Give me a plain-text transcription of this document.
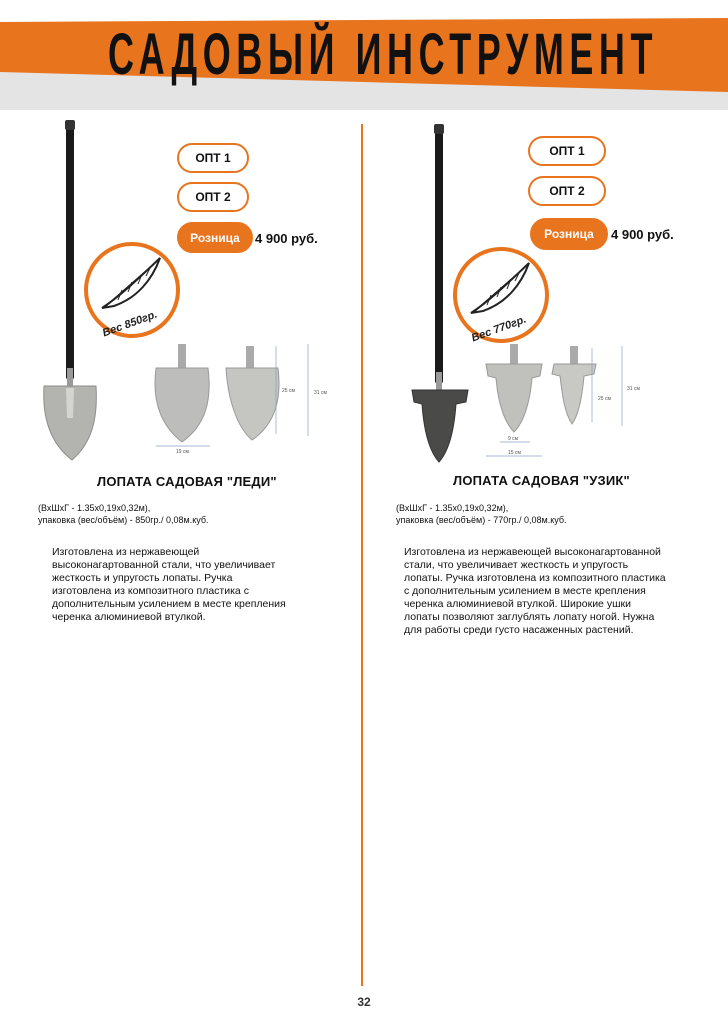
САДОВЫЙ ИНСТРУМЕНТ
Вес 850гр.
ОПТ 1
ОПТ 2
Розница	4 900 руб.
25 см	31 см
19 см
ЛОПАТА САДОВАЯ "ЛЕДИ"
(ВхШхГ - 1.35х0,19х0,32м),
упаковка (вес/объём) - 850гр./ 0,08м.куб.
Изготовлена из нержавеющей
высоконагартованной стали, что увеличивает
жесткость и упругость лопаты. Ручка
изготовлена из композитного пластика с
дополнительным усилением в месте крепления
черенка алюминиевой втулкой.
Вес 770гр.
ОПТ 1
ОПТ 2
Розница	4 900 руб.
25 см
31 см
9 см
15 см
ЛОПАТА САДОВАЯ "УЗИК"
(ВхШхГ - 1.35х0,19х0,32м),
упаковка (вес/объём) - 770гр./ 0,08м.куб.
Изготовлена из нержавеющей высоконагартованной
стали, что увеличивает жесткость и упругость
лопаты. Ручка изготовлена из композитного пластика
с дополнительным усилением в месте крепления
черенка алюминиевой втулкой. Широкие ушки
лопаты позволяют заглублять лопату ногой. Нужна
для работы среди густо насаженных растений.
32
